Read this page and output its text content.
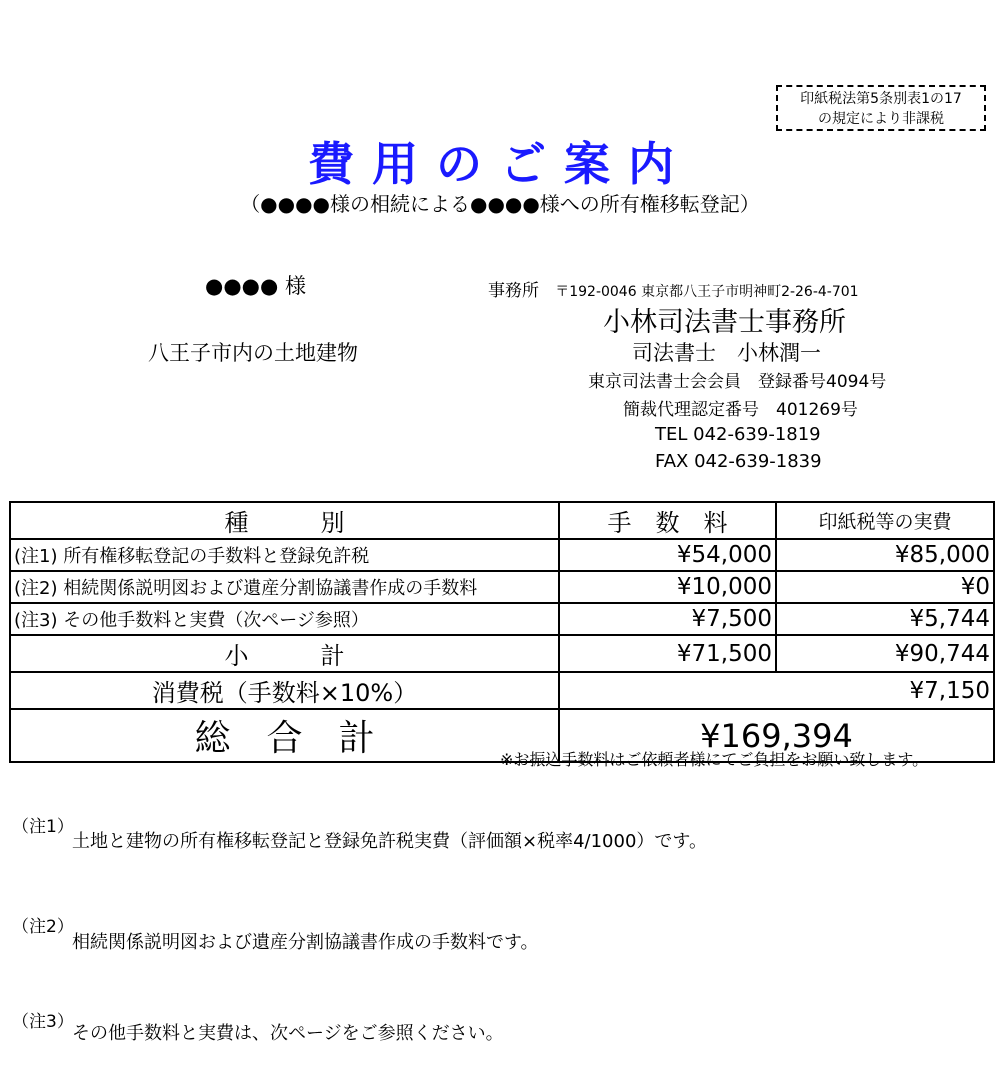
印紙税法第5条別表1の17
の規定により非課税
費用のご案内
（●●●●様の相続による●●●●様への所有権移転登記）
●●●● 様
八王子市内の土地建物
事務所 〒192-0046 東京都八王子市明神町2-26-4-701
小林司法書士事務所
司法書士　小林潤一
東京司法書士会会員　登録番号4094号
簡裁代理認定番号　401269号
TEL 042-639-1819
FAX 042-639-1839
種　　　別	手　数　料	印紙税等の実費
(注1) 所有権移転登記の手数料と登録免許税	¥54,000	¥85,000
(注2) 相続関係説明図および遺産分割協議書作成の手数料	¥10,000	¥0
(注3) その他手数料と実費（次ページ参照）	¥7,500	¥5,744
小　　　計	¥71,500	¥90,744
消費税（手数料×10%）	¥7,150	
総　合　計	¥169,394	
※お振込手数料はご依頼者様にてご負担をお願い致します。
（注1）
土地と建物の所有権移転登記と登録免許税実費（評価額×税率4/1000）です。
（注2）
相続関係説明図および遺産分割協議書作成の手数料です。
（注3）
その他手数料と実費は、次ページをご参照ください。
